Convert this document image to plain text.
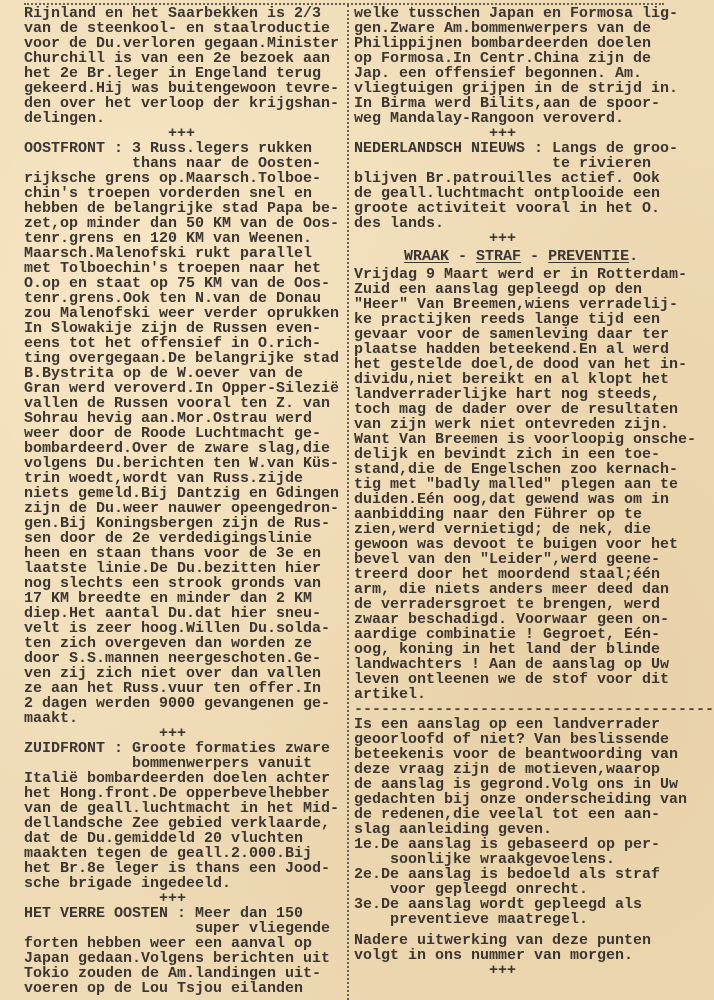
Rijnland en het Saarbekken is 2/3
van de steenkool- en staalroductie
voor de Du.verloren gegaan.Minister
Churchill is van een 2e bezoek aan
het 2e Br.leger in Engeland terug
gekeerd.Hij was buitengewoon tevre-
den over het verloop der krijgshan-
delingen.
+++
OOSTFRONT : 3 Russ.legers rukken
thans naar de Oosten-
rijksche grens op.Maarsch.Tolboe-
chin's troepen vorderden snel en
hebben de belangrijke stad Papa be-
zet,op minder dan 50 KM van de Oos-
tenr.grens en 120 KM van Weenen.
Maarsch.Malenofski rukt parallel
met Tolboechin's troepen naar het
O.op en staat op 75 KM van de Oos-
tenr.grens.Ook ten N.van de Donau
zou Malenofski weer verder oprukken
In Slowakije zijn de Russen even-
eens tot het offensief in O.rich-
ting overgegaan.De belangrijke stad
B.Bystrita op de W.oever van de
Gran werd veroverd.In Opper-Silezië
vallen de Russen vooral ten Z. van
Sohrau hevig aan.Mor.Ostrau werd
weer door de Roode Luchtmacht ge-
bombardeerd.Over de zware slag,die
volgens Du.berichten ten W.van Küs-
trin woedt,wordt van Russ.zijde
niets gemeld.Bij Dantzig en Gdingen
zijn de Du.weer nauwer opeengedron-
gen.Bij Koningsbergen zijn de Rus-
sen door de 2e verdedigingslinie
heen en staan thans voor de 3e en
laatste linie.De Du.bezitten hier
nog slechts een strook gronds van
17 KM breedte en minder dan 2 KM
diep.Het aantal Du.dat hier sneu-
velt is zeer hoog.Willen Du.solda-
ten zich overgeven dan worden ze
door S.S.mannen neergeschoten.Ge-
ven zij zich niet over dan vallen
ze aan het Russ.vuur ten offer.In
2 dagen werden 9000 gevangenen ge-
maakt.
+++
ZUIDFRONT : Groote formaties zware
bommenwerpers vanuit
Italië bombardeerden doelen achter
het Hong.front.De opperbevelhebber
van de geall.luchtmacht in het Mid-
dellandsche Zee gebied verklaarde,
dat de Du.gemiddeld 20 vluchten
maakten tegen de geall.2.000.Bij
het Br.8e leger is thans een Jood-
sche brigade ingedeeld.
+++
HET VERRE OOSTEN : Meer dan 150
super vliegende
forten hebben weer een aanval op
Japan gedaan.Volgens berichten uit
Tokio zouden de Am.landingen uit-
voeren op de Lou Tsjou eilanden
welke tusschen Japan en Formosa lig-
gen.Zware Am.bommenwerpers van de
Philippijnen bombardeerden doelen
op Formosa.In Centr.China zijn de
Jap. een offensief begonnen. Am.
vliegtuigen grijpen in de strijd in.
In Birma werd Bilits,aan de spoor-
weg Mandalay-Rangoon veroverd.
+++
NEDERLANDSCH NIEUWS : Langs de groo-
te rivieren
blijven Br.patrouilles actief. Ook
de geall.luchtmacht ontplooide een
groote activiteit vooral in het O.
des lands.
+++
WRAAK - STRAF - PREVENTIE.
Vrijdag 9 Maart werd er in Rotterdam-
Zuid een aanslag gepleegd op den
"Heer" Van Breemen,wiens verradelij-
ke practijken reeds lange tijd een
gevaar voor de samenleving daar ter
plaatse hadden beteekend.En al werd
het gestelde doel,de dood van het in-
dividu,niet bereikt en al klopt het
landverraderlijke hart nog steeds,
toch mag de dader over de resultaten
van zijn werk niet ontevreden zijn.
Want Van Breemen is voorloopig onsche-
delijk en bevindt zich in een toe-
stand,die de Engelschen zoo kernach-
tig met "badly malled" plegen aan te
duiden.Eén oog,dat gewend was om in
aanbidding naar den Führer op te
zien,werd vernietigd; de nek, die
gewoon was devoot te buigen voor het
bevel van den "Leider",werd geene-
treerd door het moordend staal;één
arm, die niets anders meer deed dan
de verradersgroet te brengen, werd
zwaar beschadigd. Voorwaar geen on-
aardige combinatie ! Gegroet, Eén-
oog, koning in het land der blinde
landwachters ! Aan de aanslag op Uw
leven ontleenen we de stof voor dit
artikel.
----------------------------------------
Is een aanslag op een landverrader
geoorloofd of niet? Van beslissende
beteekenis voor de beantwoording van
deze vraag zijn de motieven,waarop
de aanslag is gegrond.Volg ons in Uw
gedachten bij onze onderscheiding van
de redenen,die veelal tot een aan-
slag aanleiding geven.
1e.De aanslag is gebaseerd op per-
soonlijke wraakgevoelens.
2e.De aanslag is bedoeld als straf
voor gepleegd onrecht.
3e.De aanslag wordt gepleegd als
preventieve maatregel.
Nadere uitwerking van deze punten
volgt in ons nummer van morgen.
+++
